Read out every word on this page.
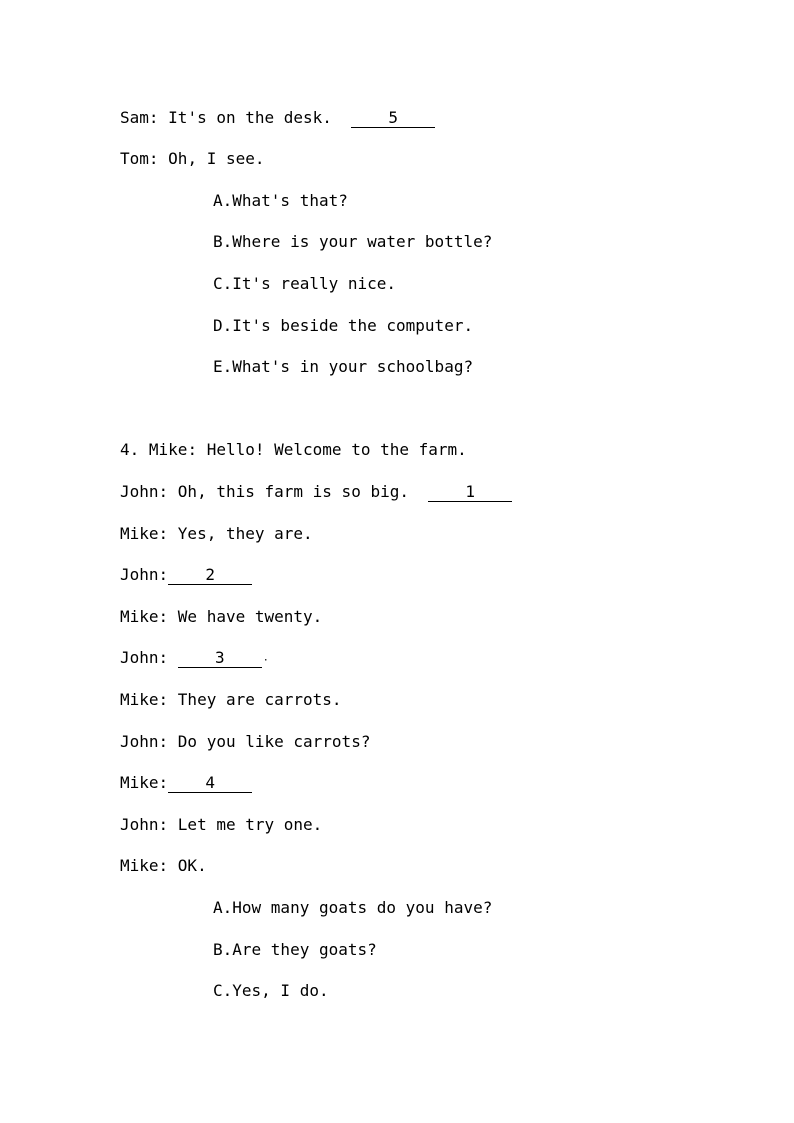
Sam: It's on the desk.	5
Tom: Oh, I see.
A.What's that?
B.Where is your water bottle?
C.It's really nice.
D.It's beside the computer.
E.What's in your schoolbag?
4. Mike: Hello! Welcome to the farm.
John: Oh, this farm is so big.	1
Mike: Yes, they are.
John: 2
Mike: We have twenty.
John: 3	·
Mike: They are carrots.
John: Do you like carrots?
Mike: 4
John: Let me try one.
Mike: OK.
A.How many goats do you have?
B.Are they goats?
C.Yes, I do.
